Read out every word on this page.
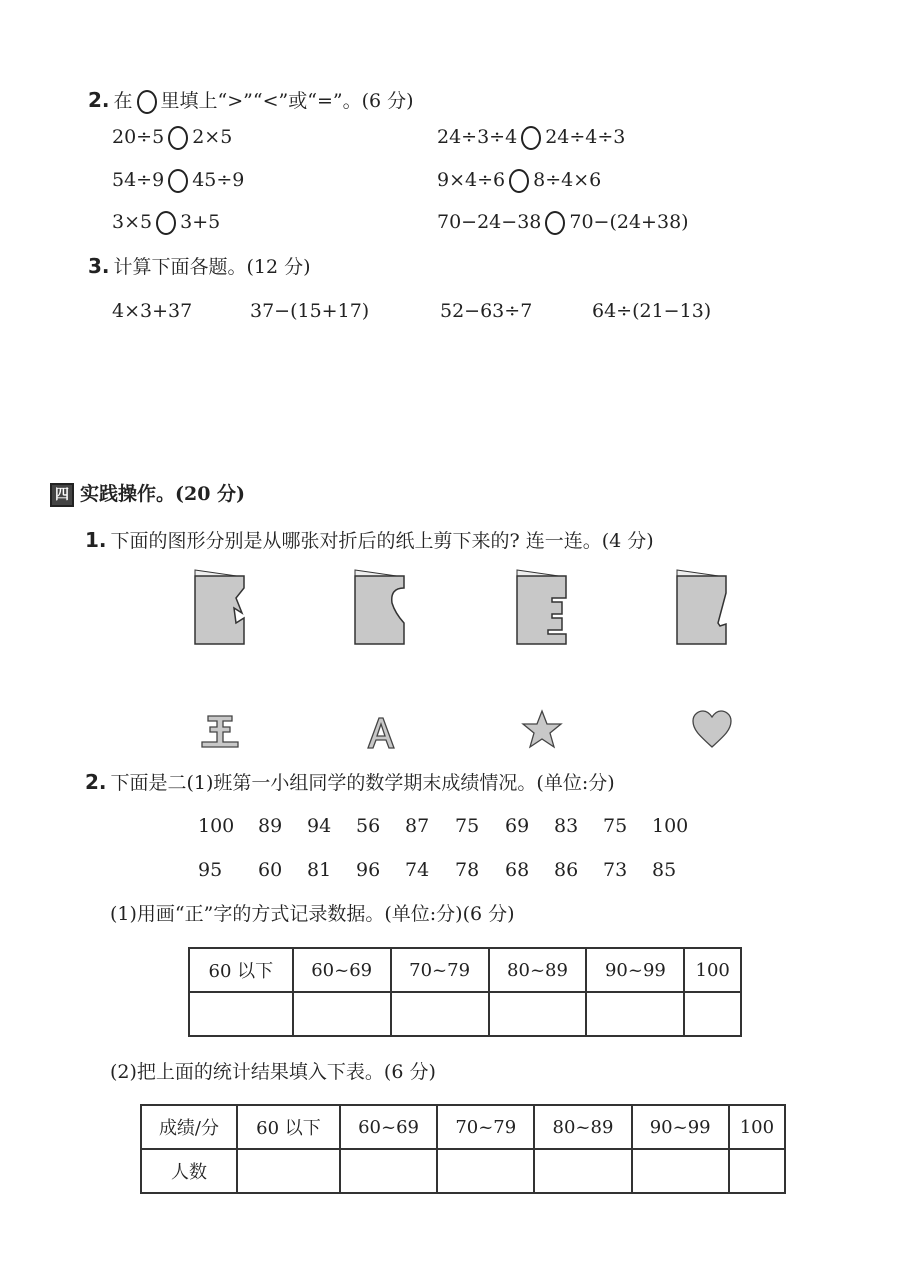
2. 在 里填上“>”“<”或“=”。(6 分)
20÷5 2×5	24÷3÷4 24÷4÷3
54÷9 45÷9	9×4÷6 8÷4×6
3×5 3+5	70−24−38 70−(24+38)
3. 计算下面各题。(12 分)
4×3+37	37−(15+17)	52−63÷7	64÷(21−13)
四 实践操作。(20 分)
1. 下面的图形分别是从哪张对折后的纸上剪下来的? 连一连。(4 分)
2. 下面是二(1)班第一小组同学的数学期末成绩情况。(单位:分)
100 89 94 56 87 75 69 83 75 100
95 60 81 96 74 78 68 86 73 85
(1)用画“正”字的方式记录数据。(单位:分)(6 分)
60 以下	60~69	70~79	80~89	90~99	100

(2)把上面的统计结果填入下表。(6 分)
成绩/分	60 以下	60~69	70~79	80~89	90~99	100
人数						
